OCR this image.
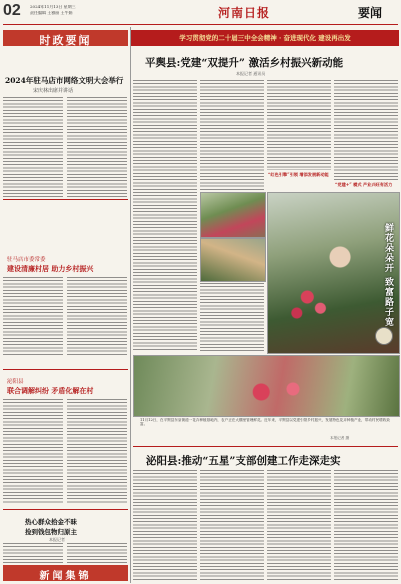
02 2024年11月13日 星期三
责任编辑 王雅丽 王牛娟	河南日报	要闻
时政要闻
2024年驻马店市网络文明大会举行
宋庆林出席并讲话
驻马店市委常委
建设清廉村居 助力乡村振兴
泌阳县
联合调解纠纷 矛盾化解在村
热心群众拾金不昧
捡到钱包物归原主
本报记者
新闻集锦
学习贯彻党的二十届三中全会精神 · 奋进现代化 建设再出发
平舆县:党建“双提升” 激活乡村振兴新动能
本报记者 通讯员
“红色引擎”引领 增添发展新动能
“党建+” 模式 产业兴旺有活力
鲜花朵朵开 致富路子宽
11月12日，在平舆县东皇街道一花卉种植基地内，农户正在大棚里管理鲜花。近年来，平舆县以党建引领乡村振兴，发展特色花卉种植产业，带动村民增收致富。
本报记者 摄
泌阳县:推动“五星”支部创建工作走深走实
